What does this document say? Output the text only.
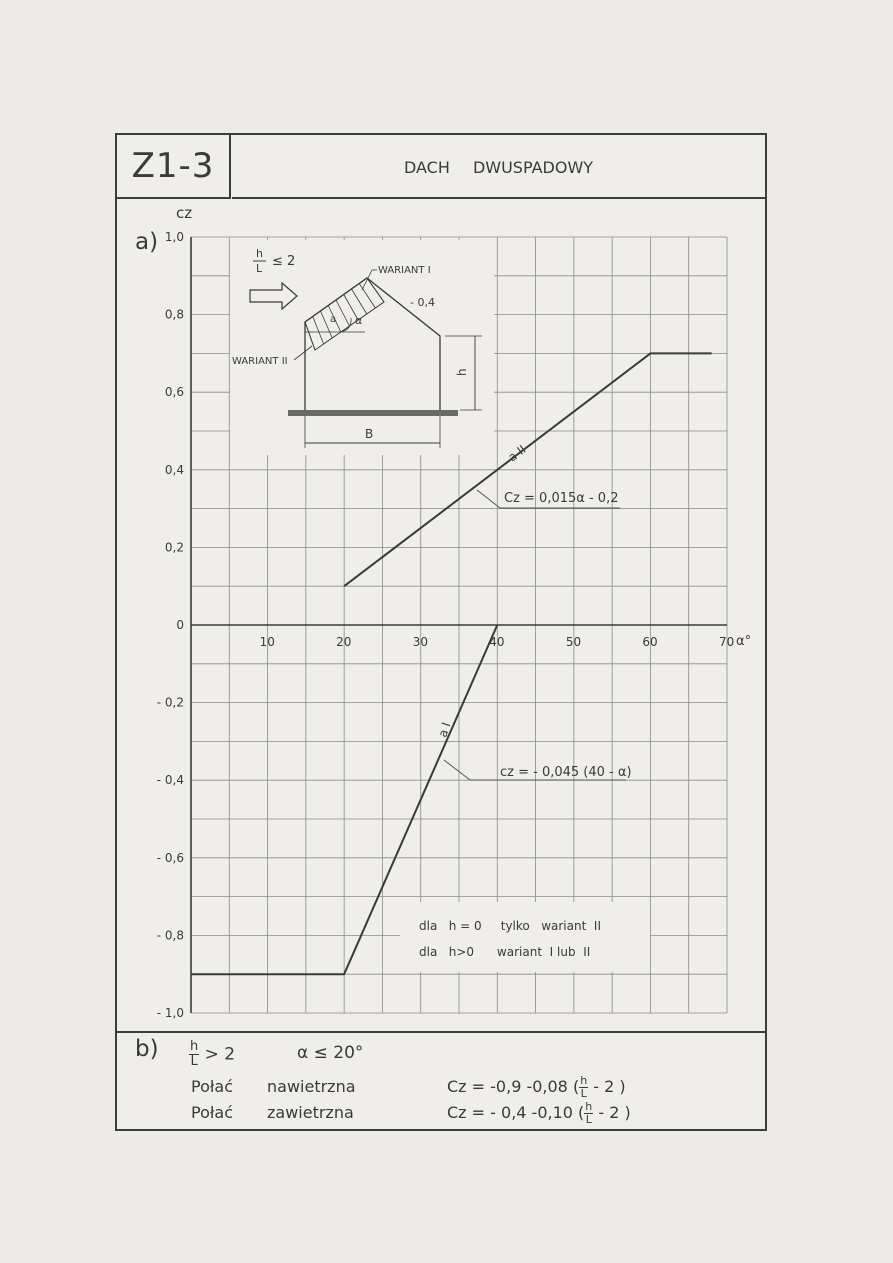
Z1-3	DACH DWUSPADOWY
a)
$b) \frac{h}{L} > 2$	α ≤ 20°
Połać nawietrzna	Cz = -0,9 -0,08 ( $\frac{h}{L} - 2$ )
Połać zawietrzna	Cz = - 0,4 -0,10 ( $\frac{h}{L} - 2$ )
10	20	30	40	50	60	70
1,0
0,8
0,6
0,4
0,2
0
- 0,2
- 0,4
- 0,6
- 0,8
- 1,0
cz
α°
a II
a I
Cz = 0,015α - 0,2
cz = - 0,045 (40 - α)
dla   h = 0     tylko   wariant  II
dla   h>0      wariant  I lub  II
h
L ≤ 2
a α
WARIANT I
- 0,4
WARIANT II
h
B
